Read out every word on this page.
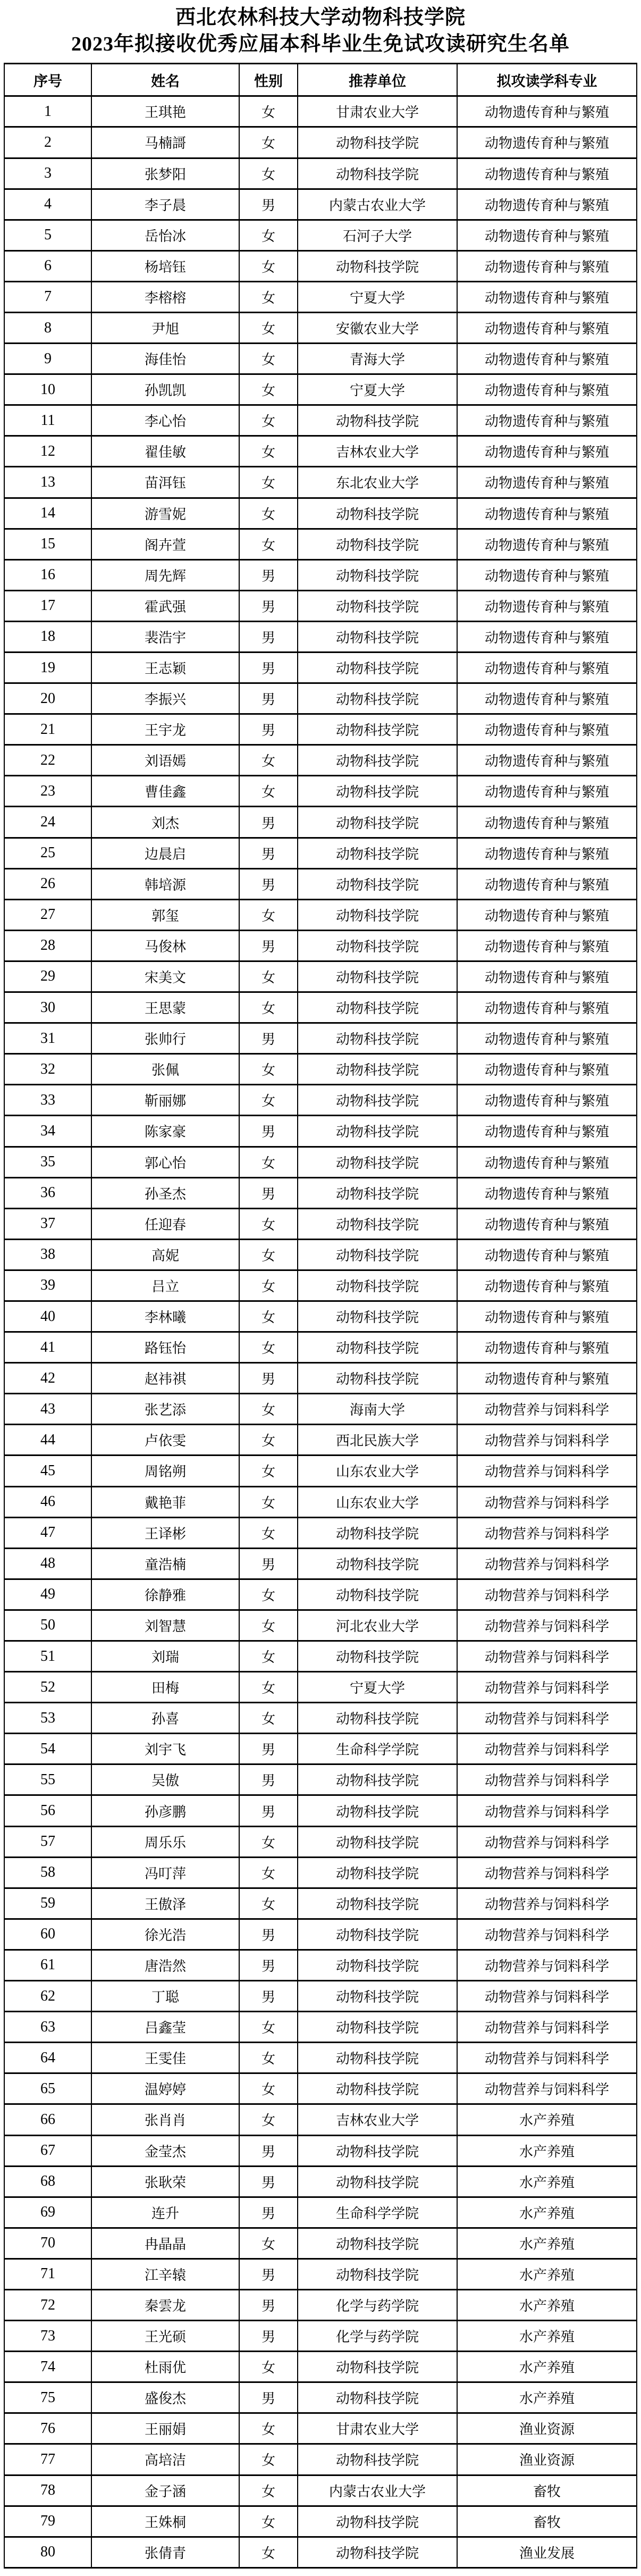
西北农林科技大学动物科技学院
2023年拟接收优秀应届本科毕业生免试攻读研究生名单
序号	姓名	性别	推荐单位	拟攻读学科专业
1	王琪艳	女	甘肃农业大学	动物遗传育种与繁殖
2	马楠謌	女	动物科技学院	动物遗传育种与繁殖
3	张梦阳	女	动物科技学院	动物遗传育种与繁殖
4	李子晨	男	内蒙古农业大学	动物遗传育种与繁殖
5	岳怡冰	女	石河子大学	动物遗传育种与繁殖
6	杨培钰	女	动物科技学院	动物遗传育种与繁殖
7	李榕榕	女	宁夏大学	动物遗传育种与繁殖
8	尹旭	女	安徽农业大学	动物遗传育种与繁殖
9	海佳怡	女	青海大学	动物遗传育种与繁殖
10	孙凯凯	女	宁夏大学	动物遗传育种与繁殖
11	李心怡	女	动物科技学院	动物遗传育种与繁殖
12	翟佳敏	女	吉林农业大学	动物遗传育种与繁殖
13	苗洱钰	女	东北农业大学	动物遗传育种与繁殖
14	游雪妮	女	动物科技学院	动物遗传育种与繁殖
15	阁卉萱	女	动物科技学院	动物遗传育种与繁殖
16	周先辉	男	动物科技学院	动物遗传育种与繁殖
17	霍武强	男	动物科技学院	动物遗传育种与繁殖
18	裴浩宇	男	动物科技学院	动物遗传育种与繁殖
19	王志颖	男	动物科技学院	动物遗传育种与繁殖
20	李振兴	男	动物科技学院	动物遗传育种与繁殖
21	王宇龙	男	动物科技学院	动物遗传育种与繁殖
22	刘语嫣	女	动物科技学院	动物遗传育种与繁殖
23	曹佳鑫	女	动物科技学院	动物遗传育种与繁殖
24	刘杰	男	动物科技学院	动物遗传育种与繁殖
25	边晨启	男	动物科技学院	动物遗传育种与繁殖
26	韩培源	男	动物科技学院	动物遗传育种与繁殖
27	郭玺	女	动物科技学院	动物遗传育种与繁殖
28	马俊林	男	动物科技学院	动物遗传育种与繁殖
29	宋美文	女	动物科技学院	动物遗传育种与繁殖
30	王思蒙	女	动物科技学院	动物遗传育种与繁殖
31	张帅行	男	动物科技学院	动物遗传育种与繁殖
32	张佩	女	动物科技学院	动物遗传育种与繁殖
33	靳丽娜	女	动物科技学院	动物遗传育种与繁殖
34	陈家豪	男	动物科技学院	动物遗传育种与繁殖
35	郭心怡	女	动物科技学院	动物遗传育种与繁殖
36	孙圣杰	男	动物科技学院	动物遗传育种与繁殖
37	任迎春	女	动物科技学院	动物遗传育种与繁殖
38	高妮	女	动物科技学院	动物遗传育种与繁殖
39	吕立	女	动物科技学院	动物遗传育种与繁殖
40	李林曦	女	动物科技学院	动物遗传育种与繁殖
41	路钰怡	女	动物科技学院	动物遗传育种与繁殖
42	赵祎祺	男	动物科技学院	动物遗传育种与繁殖
43	张艺添	女	海南大学	动物营养与饲料科学
44	卢依雯	女	西北民族大学	动物营养与饲料科学
45	周铭朔	女	山东农业大学	动物营养与饲料科学
46	戴艳菲	女	山东农业大学	动物营养与饲料科学
47	王译彬	女	动物科技学院	动物营养与饲料科学
48	童浩楠	男	动物科技学院	动物营养与饲料科学
49	徐静雅	女	动物科技学院	动物营养与饲料科学
50	刘智慧	女	河北农业大学	动物营养与饲料科学
51	刘瑞	女	动物科技学院	动物营养与饲料科学
52	田梅	女	宁夏大学	动物营养与饲料科学
53	孙喜	女	动物科技学院	动物营养与饲料科学
54	刘宇飞	男	生命科学学院	动物营养与饲料科学
55	吴傲	男	动物科技学院	动物营养与饲料科学
56	孙彦鹏	男	动物科技学院	动物营养与饲料科学
57	周乐乐	女	动物科技学院	动物营养与饲料科学
58	冯叮萍	女	动物科技学院	动物营养与饲料科学
59	王傲泽	女	动物科技学院	动物营养与饲料科学
60	徐光浩	男	动物科技学院	动物营养与饲料科学
61	唐浩然	男	动物科技学院	动物营养与饲料科学
62	丁聪	男	动物科技学院	动物营养与饲料科学
63	吕鑫莹	女	动物科技学院	动物营养与饲料科学
64	王雯佳	女	动物科技学院	动物营养与饲料科学
65	温婷婷	女	动物科技学院	动物营养与饲料科学
66	张肖肖	女	吉林农业大学	水产养殖
67	金莹杰	男	动物科技学院	水产养殖
68	张耿荣	男	动物科技学院	水产养殖
69	连升	男	生命科学学院	水产养殖
70	冉晶晶	女	动物科技学院	水产养殖
71	江辛辕	男	动物科技学院	水产养殖
72	秦雲龙	男	化学与药学院	水产养殖
73	王光硕	男	化学与药学院	水产养殖
74	杜雨优	女	动物科技学院	水产养殖
75	盛俊杰	男	动物科技学院	水产养殖
76	王丽娟	女	甘肃农业大学	渔业资源
77	高培洁	女	动物科技学院	渔业资源
78	金子涵	女	内蒙古农业大学	畜牧
79	王姝桐	女	动物科技学院	畜牧
80	张倩青	女	动物科技学院	渔业发展
